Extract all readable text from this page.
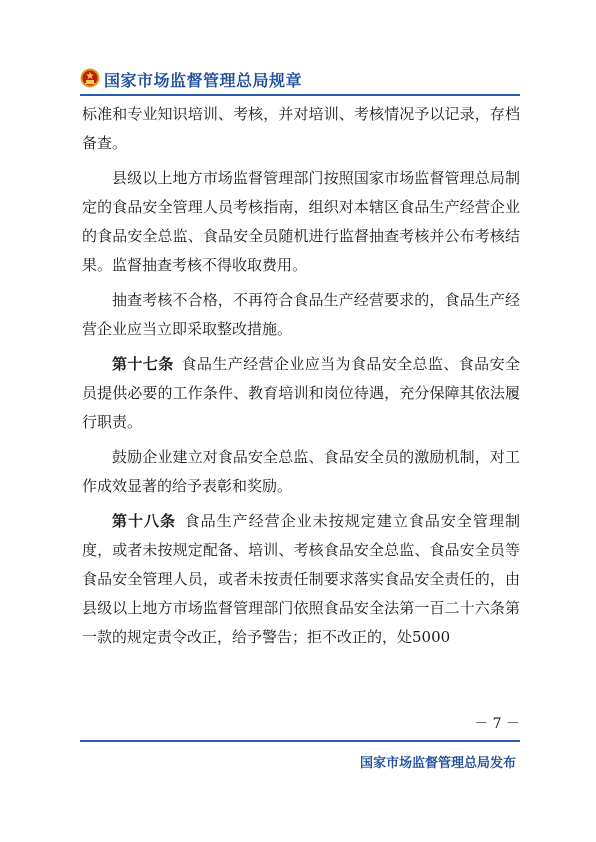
国家市场监督管理总局规章

标准和专业知识培训、考核，并对培训、考核情况予以记录，存档备查。

县级以上地方市场监督管理部门按照国家市场监督管理总局制定的食品安全管理人员考核指南，组织对本辖区食品生产经营企业的食品安全总监、食品安全员随机进行监督抽查考核并公布考核结果。监督抽查考核不得收取费用。

抽查考核不合格，不再符合食品生产经营要求的，食品生产经营企业应当立即采取整改措施。

第十七条 食品生产经营企业应当为食品安全总监、食品安全员提供必要的工作条件、教育培训和岗位待遇，充分保障其依法履行职责。

鼓励企业建立对食品安全总监、食品安全员的激励机制，对工作成效显著的给予表彰和奖励。

第十八条 食品生产经营企业未按规定建立食品安全管理制度，或者未按规定配备、培训、考核食品安全总监、食品安全员等食品安全管理人员，或者未按责任制要求落实食品安全责任的，由县级以上地方市场监督管理部门依照食品安全法第一百二十六条第一款的规定责令改正，给予警告；拒不改正的，处5000

－ 7 －
国家市场监督管理总局发布
